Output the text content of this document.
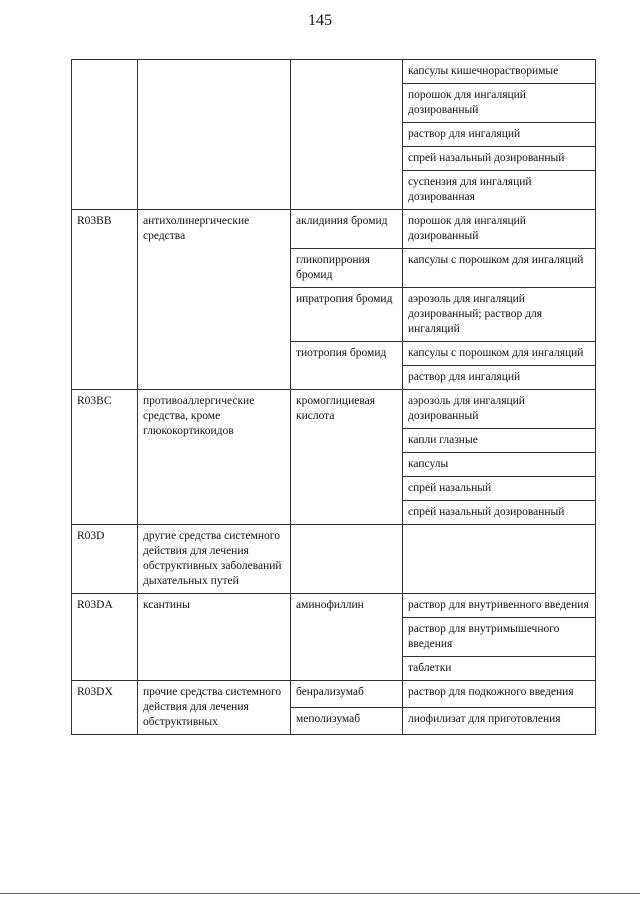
145
			капсулы кишечнорастворимые
			порошок для ингаляций дозированный
			раствор для ингаляций
			спрей назальный дозированный
			суспензия для ингаляций дозированная
R03BB	антихолинергические средства	аклидиния бромид	порошок для ингаляций дозированный
		гликопиррония бромид	капсулы с порошком для ингаляций
		ипратропия бромид	аэрозоль для ингаляций дозированный; раствор для ингаляций
		тиотропия бромид	капсулы с порошком для ингаляций
			раствор для ингаляций
R03BC	противоаллергические средства, кроме глюкокортикоидов	кромоглициевая кислота	аэрозоль для ингаляций дозированный
			капли глазные
			капсулы
			спрей назальный
			спрей назальный дозированный
R03D	другие средства системного действия для лечения обструктивных заболеваний дыхательных путей		
R03DA	ксантины	аминофиллин	раствор для внутривенного введения
			раствор для внутримышечного введения
			таблетки
R03DX	прочие средства системного действия для лечения обструктивных	бенрализумаб	раствор для подкожного введения
		меполизумаб	лиофилизат для приготовления
